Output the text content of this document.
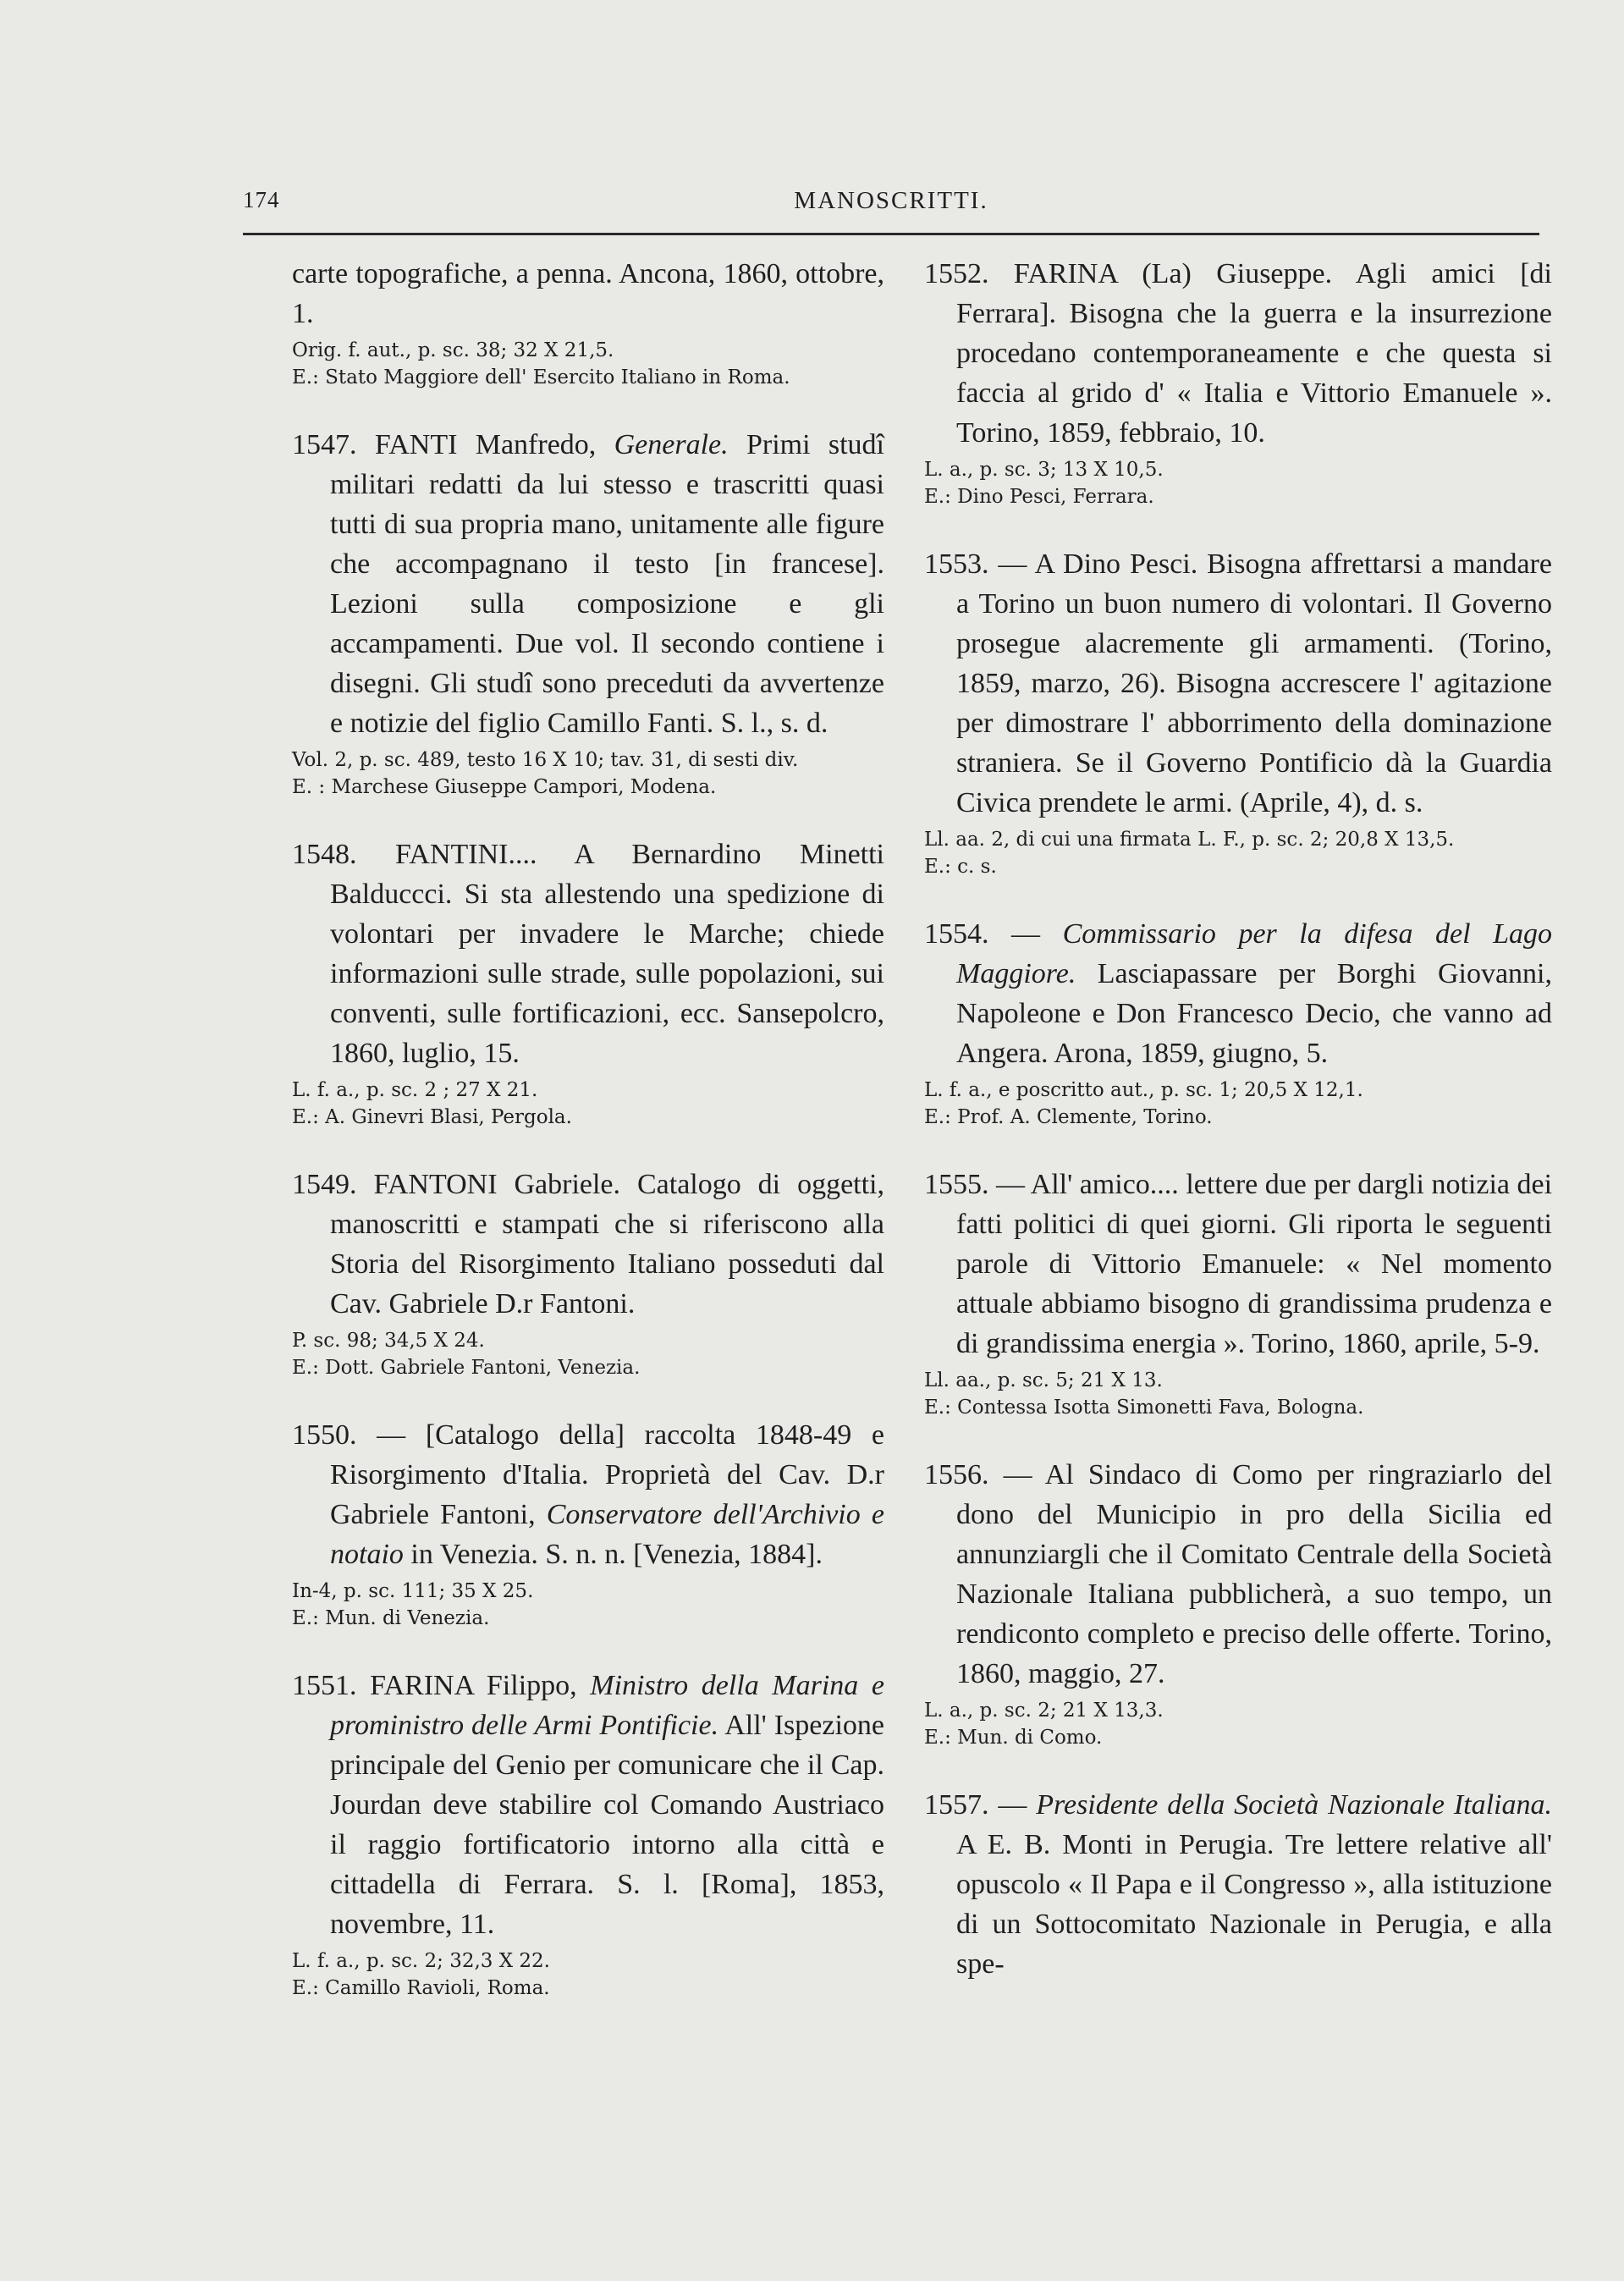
174	MANOSCRITTI.

carte topografiche, a penna. Ancona, 1860, ottobre, 1.

Orig. f. aut., p. sc. 38; 32 X 21,5.
E.: Stato Maggiore dell' Esercito Italiano in Roma.

1547. FANTI Manfredo, Generale. Primi studî militari redatti da lui stesso e trascritti quasi tutti di sua propria mano, unitamente alle figure che accompagnano il testo [in francese]. Lezioni sulla composizione e gli accampamenti. Due vol. Il secondo contiene i disegni. Gli studî sono preceduti da avvertenze e notizie del figlio Camillo Fanti. S. l., s. d.

Vol. 2, p. sc. 489, testo 16 X 10; tav. 31, di sesti div.
E. : Marchese Giuseppe Campori, Modena.

1548. FANTINI.... A Bernardino Minetti Balduccci. Si sta allestendo una spedizione di volontari per invadere le Marche; chiede informazioni sulle strade, sulle popolazioni, sui conventi, sulle fortificazioni, ecc. Sansepolcro, 1860, luglio, 15.

L. f. a., p. sc. 2 ; 27 X 21.
E.: A. Ginevri Blasi, Pergola.

1549. FANTONI Gabriele. Catalogo di oggetti, manoscritti e stampati che si riferiscono alla Storia del Risorgimento Italiano posseduti dal Cav. Gabriele D.r Fantoni.

P. sc. 98; 34,5 X 24.
E.: Dott. Gabriele Fantoni, Venezia.

1550. — [Catalogo della] raccolta 1848-49 e Risorgimento d'Italia. Proprietà del Cav. D.r Gabriele Fantoni, Conservatore dell'Archivio e notaio in Venezia. S. n. n. [Venezia, 1884].

In-4, p. sc. 111; 35 X 25.
E.: Mun. di Venezia.

1551. FARINA Filippo, Ministro della Marina e proministro delle Armi Pontificie. All' Ispezione principale del Genio per comunicare che il Cap. Jourdan deve stabilire col Comando Austriaco il raggio fortificatorio intorno alla città e cittadella di Ferrara. S. l. [Roma], 1853, novembre, 11.

L. f. a., p. sc. 2; 32,3 X 22.
E.: Camillo Ravioli, Roma.

1552. FARINA (La) Giuseppe. Agli amici [di Ferrara]. Bisogna che la guerra e la insurrezione procedano contemporaneamente e che questa si faccia al grido d' « Italia e Vittorio Emanuele ». Torino, 1859, febbraio, 10.

L. a., p. sc. 3; 13 X 10,5.
E.: Dino Pesci, Ferrara.

1553. — A Dino Pesci. Bisogna affrettarsi a mandare a Torino un buon numero di volontari. Il Governo prosegue alacremente gli armamenti. (Torino, 1859, marzo, 26). Bisogna accrescere l' agitazione per dimostrare l' abborrimento della dominazione straniera. Se il Governo Pontificio dà la Guardia Civica prendete le armi. (Aprile, 4), d. s.

Ll. aa. 2, di cui una firmata L. F., p. sc. 2; 20,8 X 13,5.
E.: c. s.

1554. — Commissario per la difesa del Lago Maggiore. Lasciapassare per Borghi Giovanni, Napoleone e Don Francesco Decio, che vanno ad Angera. Arona, 1859, giugno, 5.

L. f. a., e poscritto aut., p. sc. 1; 20,5 X 12,1.
E.: Prof. A. Clemente, Torino.

1555. — All' amico.... lettere due per dargli notizia dei fatti politici di quei giorni. Gli riporta le seguenti parole di Vittorio Emanuele: « Nel momento attuale abbiamo bisogno di grandissima prudenza e di grandissima energia ». Torino, 1860, aprile, 5-9.

Ll. aa., p. sc. 5; 21 X 13.
E.: Contessa Isotta Simonetti Fava, Bologna.

1556. — Al Sindaco di Como per ringraziarlo del dono del Municipio in pro della Sicilia ed annunziargli che il Comitato Centrale della Società Nazionale Italiana pubblicherà, a suo tempo, un rendiconto completo e preciso delle offerte. Torino, 1860, maggio, 27.

L. a., p. sc. 2; 21 X 13,3.
E.: Mun. di Como.

1557. — Presidente della Società Nazionale Italiana. A E. B. Monti in Perugia. Tre lettere relative all' opuscolo « Il Papa e il Congresso », alla istituzione di un Sottocomitato Nazionale in Perugia, e alla spe-
